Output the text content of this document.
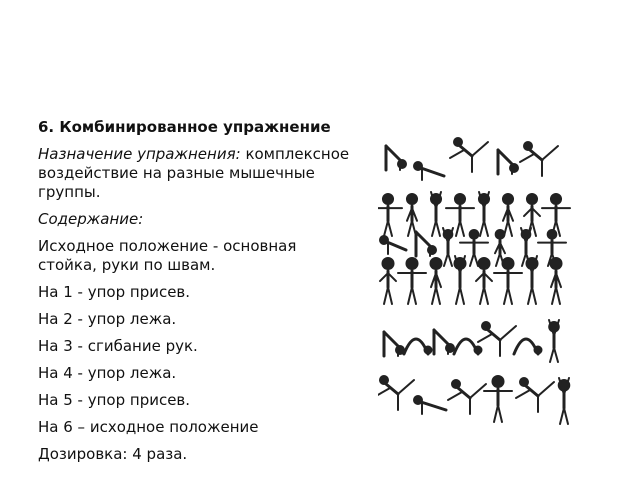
6. Комбинированное упражнение

Назначение упражнения: комплексное воздействие на разные мышечные группы.

Содержание:

Исходное положение - основная стойка, руки по швам.

На 1 - упор присев.

На 2 - упор лежа.

На 3 - сгибание рук.

На 4 - упор лежа.

На 5 - упор присев.

На 6 – исходное положение

Дозировка: 4 раза.
